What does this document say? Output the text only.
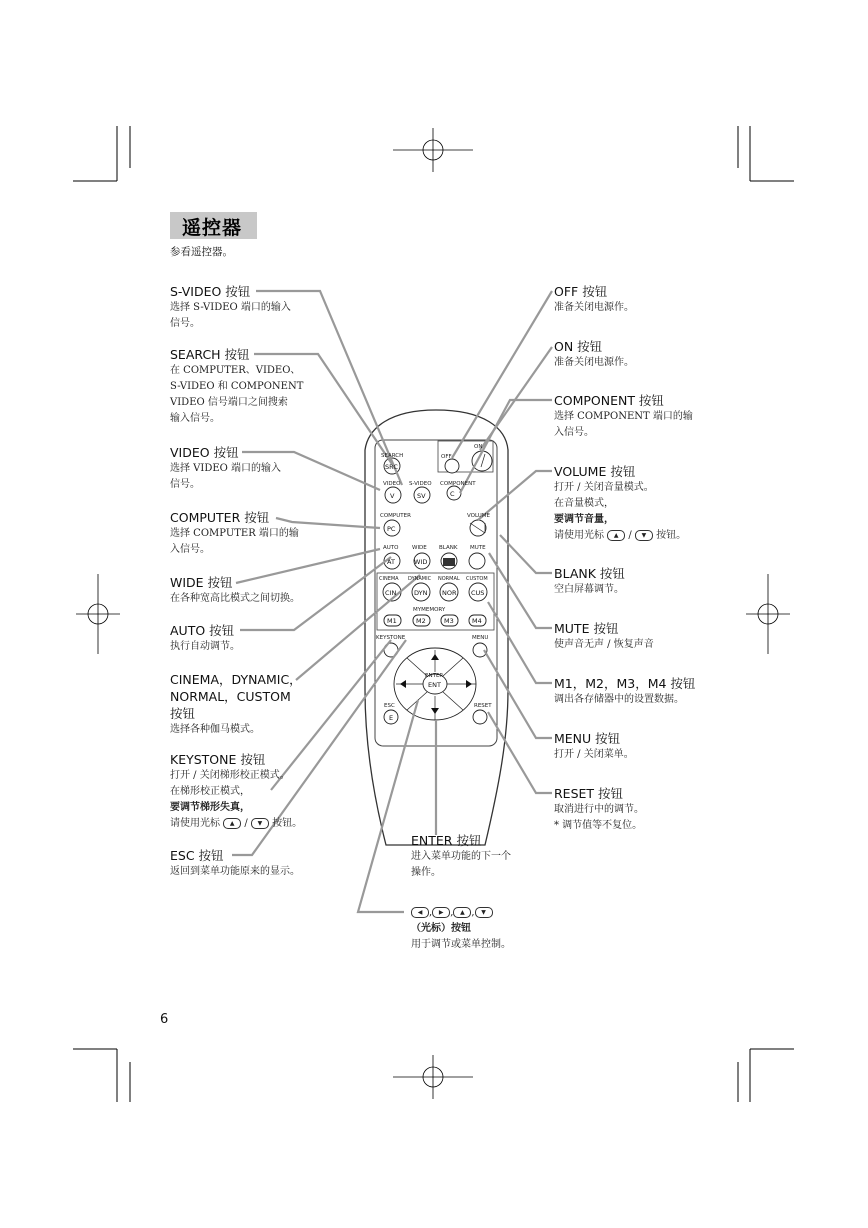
SEARCH	OFF
ON
VIDEO S-VIDEO COMPONENT
COMPUTER	VOLUME
AUTO WIDE BLANK MUTE
CINEMA DYNAMIC NORMAL CUSTOM
MYMEMORY
KEYSTONE	MENU
ENTER
ESC	RESET
SRC
V	SV	C
PC
AT	WID
CIN	DYN NOR CUS
M1	M2	M3	M4
ENT
E
遥控器
参看遥控器。
S-VIDEO 按钮
选择 S-VIDEO 端口的输入
信号。
SEARCH 按钮
在 COMPUTER、VIDEO、
S-VIDEO 和 COMPONENT
VIDEO 信号端口之间搜索
输入信号。
VIDEO 按钮
选择 VIDEO 端口的输入
信号。
COMPUTER 按钮
选择 COMPUTER 端口的输
入信号。
WIDE 按钮
在各种宽高比模式之间切换。
AUTO 按钮
执行自动调节。
CINEMA，DYNAMIC，
NORMAL，CUSTOM
按钮
选择各种伽马模式。
KEYSTONE 按钮
打开 / 关闭梯形校正模式。
在梯形校正模式，
要调节梯形失真，
请使用光标 ▲ / ▼ 按钮。
ESC 按钮
返回到菜单功能原来的显示。
OFF 按钮
准备关闭电源作。
ON 按钮
准备关闭电源作。
COMPONENT 按钮
选择 COMPONENT 端口的输
入信号。
VOLUME 按钮
打开 / 关闭音量模式。
在音量模式，
要调节音量，
请使用光标 ▲ / ▼ 按钮。
BLANK 按钮
空白屏幕调节。
MUTE 按钮
使声音无声 / 恢复声音
M1，M2，M3，M4 按钮
调出各存储器中的设置数据。
MENU 按钮
打开 / 关闭菜单。
RESET 按钮
取消进行中的调节。
* 调节值等不复位。
ENTER 按钮
进入菜单功能的下一个
操作。
◀ , ▶ , ▲ , ▼
（光标）按钮
用于调节或菜单控制。
6
